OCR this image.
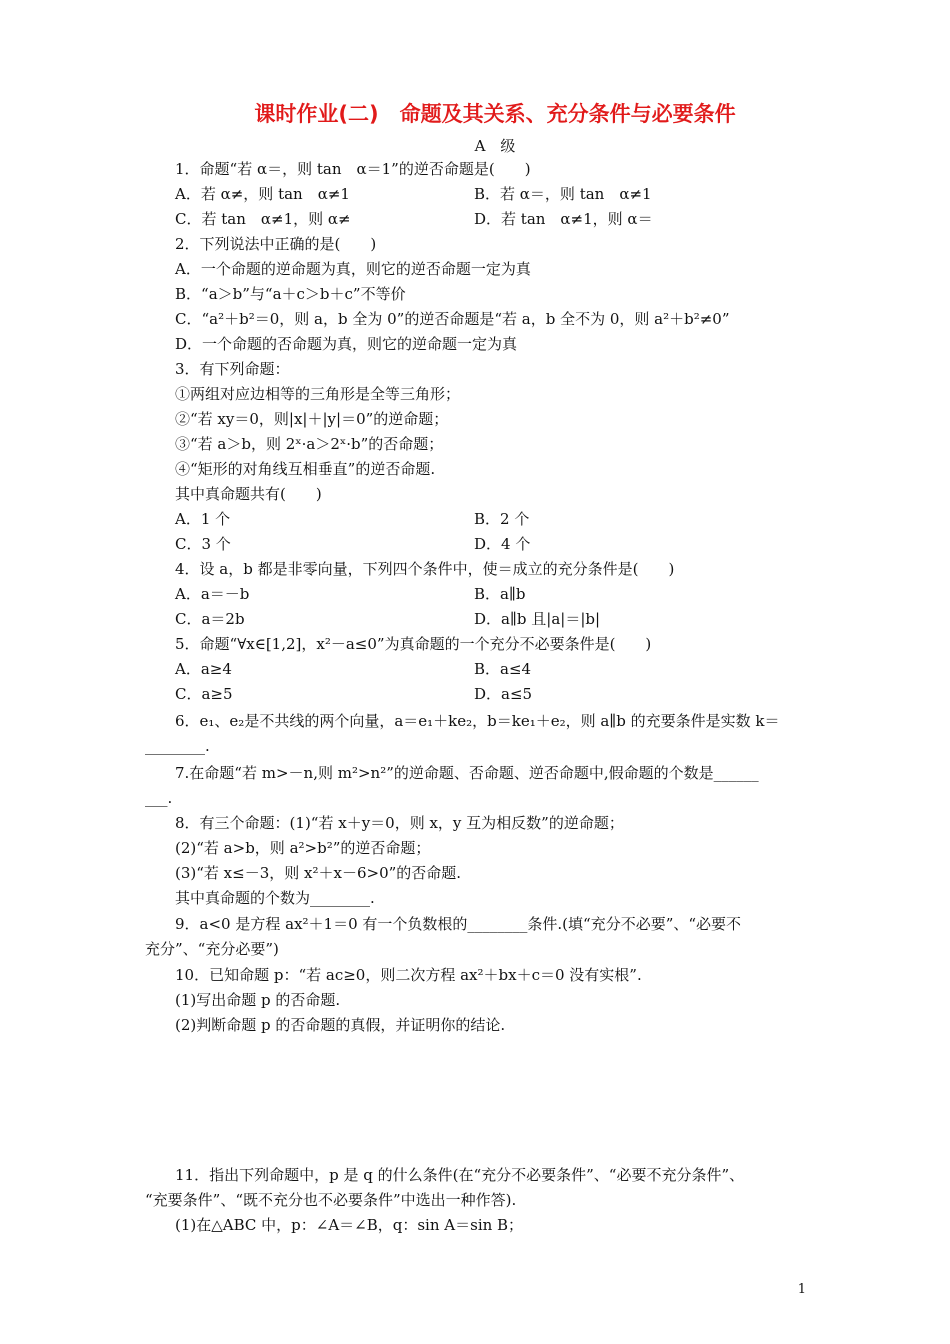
课时作业(二)　命题及其关系、充分条件与必要条件
A　级
1．命题“若 α＝，则 tan　α＝1”的逆否命题是(　　)
A．若 α≠，则 tan　α≠1	B．若 α＝，则 tan　α≠1
C．若 tan　α≠1，则 α≠	D．若 tan　α≠1，则 α＝
2．下列说法中正确的是(　　)
A．一个命题的逆命题为真，则它的逆否命题一定为真
B．“a＞b”与“a＋c＞b＋c”不等价
C．“a²＋b²＝0，则 a，b 全为 0”的逆否命题是“若 a，b 全不为 0，则 a²＋b²≠0”
D．一个命题的否命题为真，则它的逆命题一定为真
3．有下列命题：
①两组对应边相等的三角形是全等三角形；
②“若 xy＝0，则|x|＋|y|＝0”的逆命题；
③“若 a＞b，则 2ˣ·a＞2ˣ·b”的否命题；
④“矩形的对角线互相垂直”的逆否命题.
其中真命题共有(　　)
A．1 个	B．2 个
C．3 个	D．4 个
4．设 a，b 都是非零向量，下列四个条件中，使＝成立的充分条件是(　　)
A．a＝－b	B．a∥b
C．a＝2b	D．a∥b 且|a|＝|b|
5．命题“∀x∈[1,2]，x²－a≤0”为真命题的一个充分不必要条件是(　　)
A．a≥4	B．a≤4
C．a≥5	D．a≤5
6．e₁、e₂是不共线的两个向量，a＝e₁＋ke₂，b＝ke₁＋e₂，则 a∥b 的充要条件是实数 k＝
________.
7.在命题“若 m>－n,则 m²>n²”的逆命题、否命题、逆否命题中,假命题的个数是______
___.
8．有三个命题：(1)“若 x＋y＝0，则 x，y 互为相反数”的逆命题；
(2)“若 a>b，则 a²>b²”的逆否命题；
(3)“若 x≤－3，则 x²＋x－6>0”的否命题.
其中真命题的个数为________.
9．a<0 是方程 ax²＋1＝0 有一个负数根的________条件.(填“充分不必要”、“必要不
充分”、“充分必要”)
10．已知命题 p：“若 ac≥0，则二次方程 ax²＋bx＋c＝0 没有实根”.
(1)写出命题 p 的否命题.
(2)判断命题 p 的否命题的真假，并证明你的结论.
11．指出下列命题中，p 是 q 的什么条件(在“充分不必要条件”、“必要不充分条件”、
“充要条件”、“既不充分也不必要条件”中选出一种作答).
(1)在△ABC 中，p：∠A＝∠B，q：sin A＝sin B；
1
